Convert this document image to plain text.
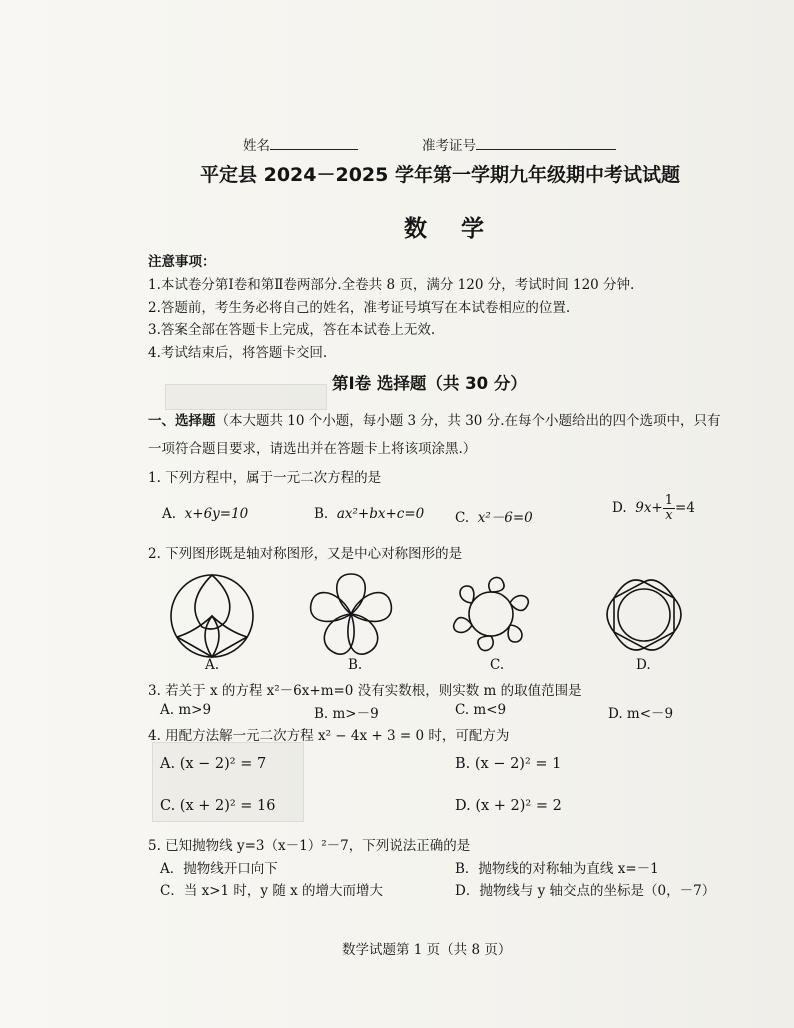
姓名	准考证号
平定县 2024－2025 学年第一学期九年级期中考试试题
数学
注意事项：
1.本试卷分第Ⅰ卷和第Ⅱ卷两部分.全卷共 8 页，满分 120 分，考试时间 120 分钟.
2.答题前，考生务必将自己的姓名，准考证号填写在本试卷相应的位置.
3.答案全部在答题卡上完成，答在本试卷上无效.
4.考试结束后，将答题卡交回.
第Ⅰ卷 选择题（共 30 分）
一、选择题（本大题共 10 个小题，每小题 3 分，共 30 分.在每个小题给出的四个选项中，只有
一项符合题目要求，请选出并在答题卡上将该项涂黑.）
1. 下列方程中，属于一元二次方程的是
A. x+6y=10	B. ax²+bx+c=0 C. x²－6=0
D. $9x+ \frac{1}{x} =4$
2. 下列图形既是轴对称图形，又是中心对称图形的是
A.	B.	C.	D.
3. 若关于 x 的方程 x²－6x+m=0 没有实数根，则实数 m 的取值范围是
A. m>9	B. m>－9	C. m<9	D. m<－9
4. 用配方法解一元二次方程 x² − 4x + 3 = 0 时，可配方为
A. (x − 2)² = 7	B. (x − 2)² = 1
C. (x + 2)² = 16	D. (x + 2)² = 2
5. 已知抛物线 y=3（x－1）²－7，下列说法正确的是
A．抛物线开口向下	B．抛物线的对称轴为直线 x=－1
C．当 x>1 时，y 随 x 的增大而增大	D．抛物线与 y 轴交点的坐标是（0，－7）
数学试题第 1 页（共 8 页）
